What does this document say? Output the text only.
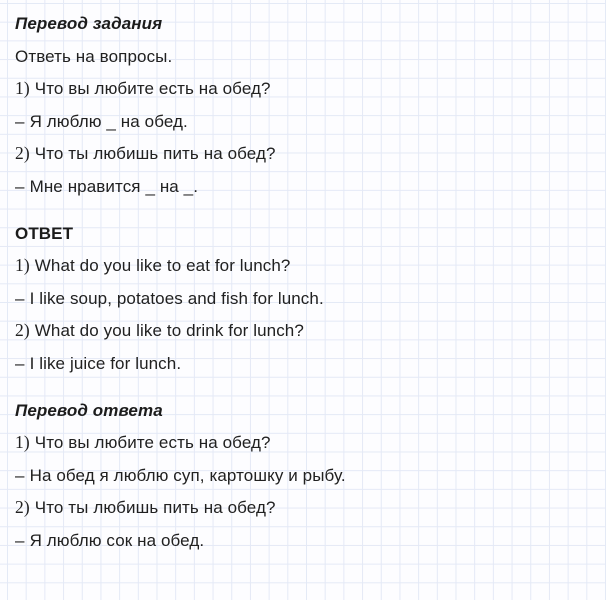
Перевод задания

Ответь на вопросы.

1) Что вы любите есть на обед?

– Я люблю _ на обед.

2) Что ты любишь пить на обед?

– Мне нравится _ на _.

ОТВЕТ

1) What do you like to eat for lunch?

– I like soup, potatoes and fish for lunch.

2) What do you like to drink for lunch?

– I like juice for lunch.

Перевод ответа

1) Что вы любите есть на обед?

– На обед я люблю суп, картошку и рыбу.

2) Что ты любишь пить на обед?

– Я люблю сок на обед.
